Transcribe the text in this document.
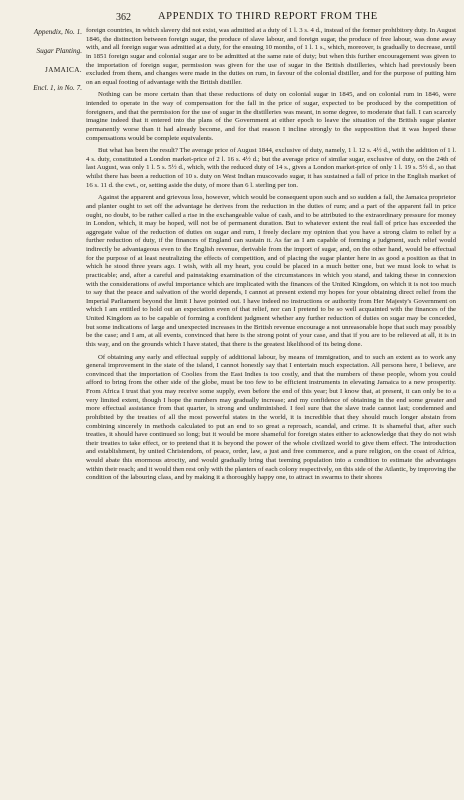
362	APPENDIX TO THIRD REPORT FROM THE
Appendix, No. 1.
Sugar Planting.
JAMAICA.
Encl. 1, in No. 7.

foreign countries, in which slavery did not exist, was admitted at a duty of 1 l. 3 s. 4 d., instead of the former prohibitory duty. In August 1846, the distinction between foreign sugar, the produce of slave labour, and foreign sugar, the produce of free labour, was done away with, and all foreign sugar was admitted at a duty, for the ensuing 10 months, of 1 l. 1 s., which, moreover, is gradually to decrease, until in 1851 foreign sugar and colonial sugar are to be admitted at the same rate of duty; but when this further encouragement was given to the importation of foreign sugar, permission was given for the use of sugar in the British distilleries, which had previously been excluded from them, and changes were made in the duties on rum, in favour of the colonial distiller, and for the purpose of putting him on an equal footing of advantage with the British distiller.

Nothing can be more certain than that these reductions of duty on colonial sugar in 1845, and on colonial rum in 1846, were intended to operate in the way of compensation for the fall in the price of sugar, expected to be produced by the competition of foreigners, and that the permission for the use of sugar in the distilleries was meant, in some degree, to moderate that fall. I can scarcely imagine indeed that it entered into the plans of the Government at either epoch to leave the situation of the British sugar planter permanently worse than it had already become, and for that reason I incline strongly to the supposition that it was hoped these compensations would be complete equivalents.

But what has been the result? The average price of August 1844, exclusive of duty, namely, 1 l. 12 s. 4½ d., with the addition of 1 l. 4 s. duty, constituted a London market-price of 2 l. 16 s. 4½ d.; but the average price of similar sugar, exclusive of duty, on the 24th of last August, was only 1 l. 5 s. 5½ d., which, with the reduced duty of 14 s., gives a London market-price of only 1 l. 19 s. 5½ d., so that whilst there has been a reduction of 10 s. duty on West Indian muscovado sugar, it has sustained a fall of price in the English market of 16 s. 11 d. the cwt., or, setting aside the duty, of more than 6 l. sterling per ton.

Against the apparent and grievous loss, however, which would be consequent upon such and so sudden a fall, the Jamaica proprietor and planter ought to set off the advantage he derives from the reduction in the duties of rum; and a part of the apparent fall in price ought, no doubt, to be rather called a rise in the exchangeable value of cash, and to be attributed to the extraordinary pressure for money in London, which, it may be hoped, will not be of permanent duration. But to whatever extent the real fall of price has exceeded the aggregate value of the reduction of duties on sugar and rum, I freely declare my opinion that you have a strong claim to relief by a further reduction of duty, if the finances of England can sustain it. As far as I am capable of forming a judgment, such relief would indirectly be advantageous even to the English revenue, derivable from the import of sugar, and, on the other hand, would be effectual for the purpose of at least neutralizing the effects of competition, and of placing the sugar planter here in as good a position as that in which he stood three years ago. I wish, with all my heart, you could be placed in a much better one, but we must look to what is practicable; and, after a careful and painstaking examination of the circumstances in which you stand, and taking these in connexion with the considerations of awful importance which are implicated with the finances of the United Kingdom, on which it is not too much to say that the peace and salvation of the world depends, I cannot at present extend my hopes for your obtaining direct relief from the Imperial Parliament beyond the limit I have pointed out. I have indeed no instructions or authority from Her Majesty's Government on which I am entitled to hold out an expectation even of that relief, nor can I pretend to be so well acquainted with the finances of the United Kingdom as to be capable of forming a confident judgment whether any further reduction of duties on sugar may be conceded, but some indications of large and unexpected increases in the British revenue encourage a not unreasonable hope that such may possibly be the case; and I am, at all events, convinced that here is the strong point of your case, and that if you are to be relieved at all, it is in this way, and on the grounds which I have stated, that there is the greatest likelihood of its being done.

Of obtaining any early and effectual supply of additional labour, by means of immigration, and to such an extent as to work any general improvement in the state of the island, I cannot honestly say that I entertain much expectation. All persons here, I believe, are convinced that the importation of Coolies from the East Indies is too costly, and that the numbers of these people, whom you could afford to bring from the other side of the globe, must be too few to be efficient instruments in elevating Jamaica to a new prosperity. From Africa I trust that you may receive some supply, even before the end of this year; but I know that, at present, it can only be to a very limited extent, though I hope the numbers may gradually increase; and my confidence of obtaining in the end some greater and more effectual assistance from that quarter, is strong and undiminished. I feel sure that the slave trade cannot last; condemned and prohibited by the treaties of all the most powerful states in the world, it is incredible that they should much longer abstain from combining sincerely in methods calculated to put an end to so great a reproach, scandal, and crime. It is shameful that, after such treaties, it should have continued so long; but it would be more shameful for foreign states either to acknowledge that they do not wish their treaties to take effect, or to pretend that it is beyond the power of the whole civilized world to give them effect. The introduction and establishment, by united Christendom, of peace, order, law, a just and free commerce, and a pure religion, on the coast of Africa, would abate this enormous atrocity, and would gradually bring that teeming population into a condition to estimate the advantages within their reach; and it would then rest only with the planters of each colony respectively, on this side of the Atlantic, by improving the condition of the labouring class, and by making it a thoroughly happy one, to attract in swarms to their shores
